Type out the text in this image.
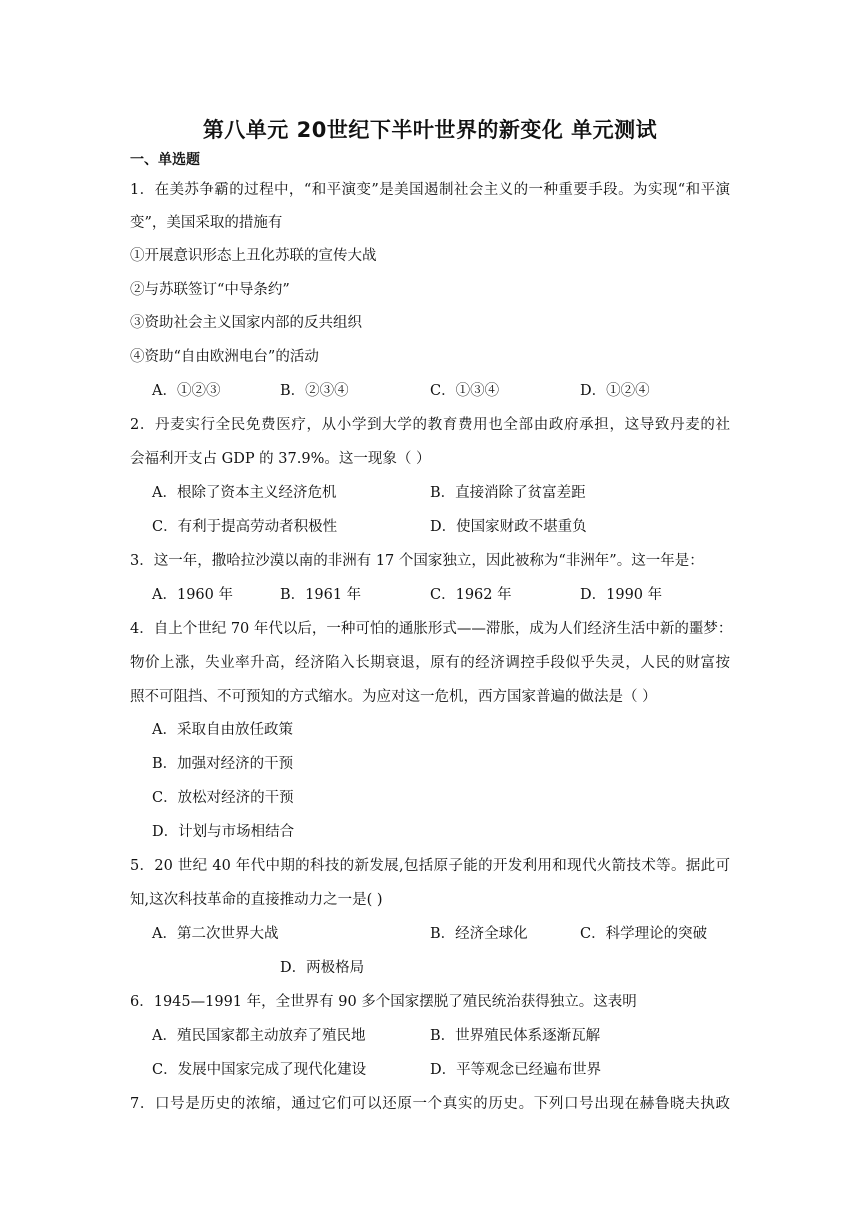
第八单元 20世纪下半叶世界的新变化 单元测试
一、单选题
1．在美苏争霸的过程中，“和平演变”是美国遏制社会主义的一种重要手段。为实现“和平演
变”，美国采取的措施有
①开展意识形态上丑化苏联的宣传大战
②与苏联签订“中导条约”
③资助社会主义国家内部的反共组织
④资助“自由欧洲电台”的活动
A．①②③	B．②③④	C．①③④	D．①②④
2．丹麦实行全民免费医疗，从小学到大学的教育费用也全部由政府承担，这导致丹麦的社
会福利开支占 GDP 的 37.9%。这一现象（ ）
A．根除了资本主义经济危机	B．直接消除了贫富差距
C．有利于提高劳动者积极性	D．使国家财政不堪重负
3．这一年，撒哈拉沙漠以南的非洲有 17 个国家独立，因此被称为“非洲年”。这一年是：
A．1960 年	B．1961 年	C．1962 年	D．1990 年
4．自上个世纪 70 年代以后，一种可怕的通胀形式——滞胀，成为人们经济生活中新的噩梦：
物价上涨，失业率升高，经济陷入长期衰退，原有的经济调控手段似乎失灵，人民的财富按
照不可阻挡、不可预知的方式缩水。为应对这一危机，西方国家普遍的做法是（ ）
A．采取自由放任政策
B．加强对经济的干预
C．放松对经济的干预
D．计划与市场相结合
5．20 世纪 40 年代中期的科技的新发展,包括原子能的开发利用和现代火箭技术等。据此可
知,这次科技革命的直接推动力之一是( )
A．第二次世界大战	B．经济全球化	C．科学理论的突破
D．两极格局
6．1945—1991 年，全世界有 90 多个国家摆脱了殖民统治获得独立。这表明
A．殖民国家都主动放弃了殖民地	B．世界殖民体系逐渐瓦解
C．发展中国家完成了现代化建设	D．平等观念已经遍布世界
7．口号是历史的浓缩，通过它们可以还原一个真实的历史。下列口号出现在赫鲁晓夫执政
